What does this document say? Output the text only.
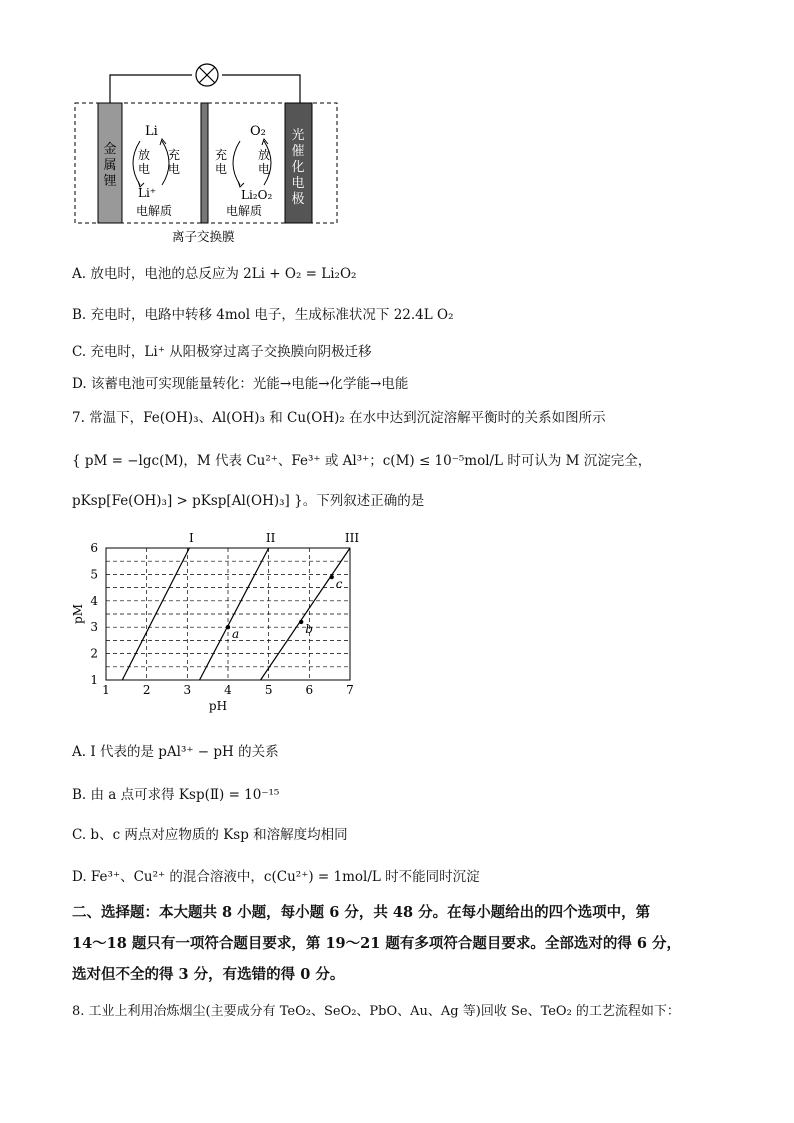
金属锂
光催化电极
Li
Li⁺
电解质
放电
充电
O₂
Li₂O₂
电解质
充电
放电
离子交换膜
A. 放电时，电池的总反应为 2Li + O₂ = Li₂O₂
B. 充电时，电路中转移 4mol 电子，生成标准状况下 22.4L O₂
C. 充电时，Li⁺ 从阳极穿过离子交换膜向阴极迁移
D. 该蓄电池可实现能量转化：光能→电能→化学能→电能
7. 常温下，Fe(OH)₃、Al(OH)₃ 和 Cu(OH)₂ 在水中达到沉淀溶解平衡时的关系如图所示
{ pM = −lgc(M)，M 代表 Cu²⁺、Fe³⁺ 或 Al³⁺；c(M) ≤ 10⁻⁵mol/L 时可认为 M 沉淀完全，
pKsp[Fe(OH)₃] > pKsp[Al(OH)₃] }。下列叙述正确的是
1	2	3	4	5	6	7
1
2
3
4
5
6
pH
pM
I	II	III
a	b
c
A. I 代表的是 pAl³⁺ − pH 的关系
B. 由 a 点可求得 Ksp(Ⅱ) = 10⁻¹⁵
C. b、c 两点对应物质的 Ksp 和溶解度均相同
D. Fe³⁺、Cu²⁺ 的混合溶液中，c(Cu²⁺) = 1mol/L 时不能同时沉淀
二、选择题：本大题共 8 小题，每小题 6 分，共 48 分。在每小题给出的四个选项中，第
14～18 题只有一项符合题目要求，第 19～21 题有多项符合题目要求。全部选对的得 6 分，
选对但不全的得 3 分，有选错的得 0 分。
8. 工业上利用冶炼烟尘(主要成分有 TeO₂、SeO₂、PbO、Au、Ag 等)回收 Se、TeO₂ 的工艺流程如下：
